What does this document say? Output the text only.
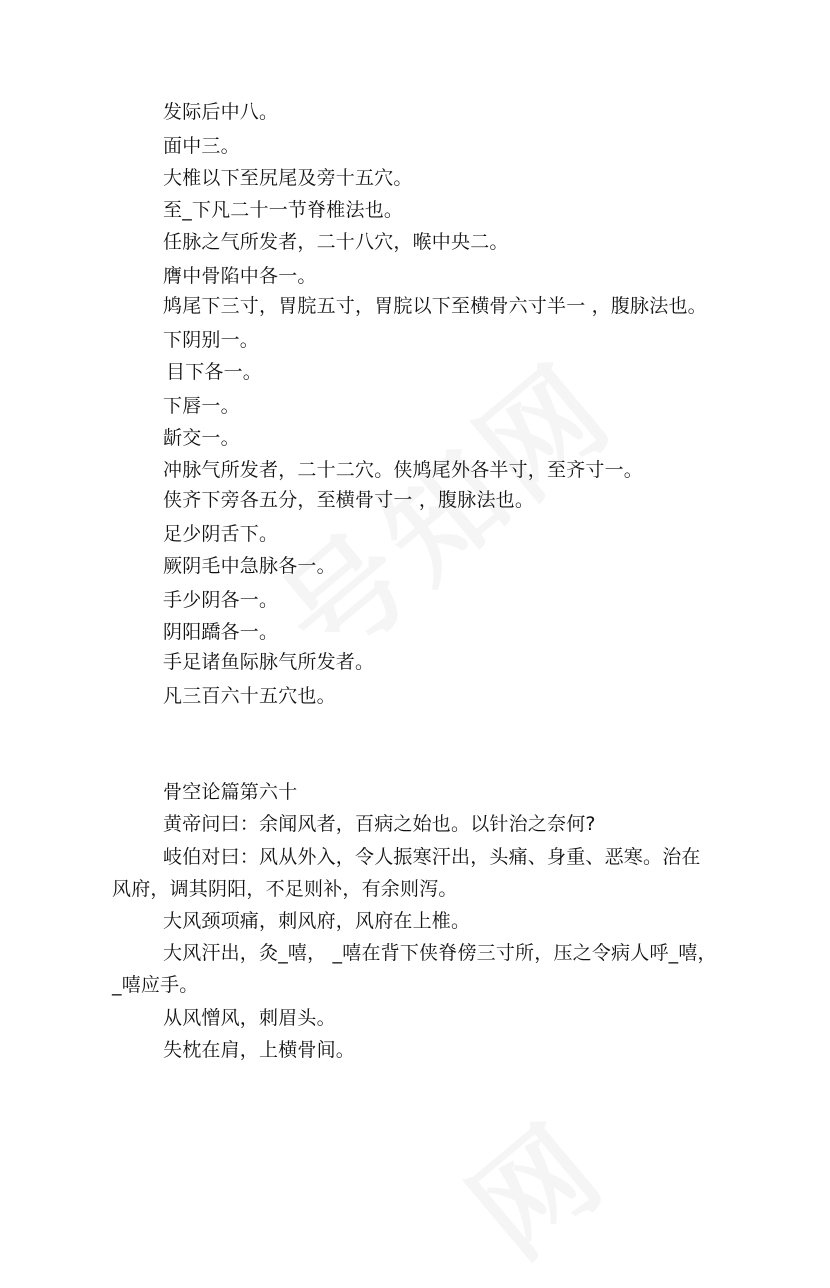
发际后中八。
面中三。
大椎以下至尻尾及旁十五穴。
至_下凡二十一节脊椎法也。
任脉之气所发者，二十八穴，喉中央二。
膺中骨陷中各一。
鸠尾下三寸，胃脘五寸，胃脘以下至横骨六寸半一 ，腹脉法也。
下阴别一。
目下各一。
下唇一。
龂交一。
冲脉气所发者，二十二穴。侠鸠尾外各半寸，至齐寸一。
侠齐下旁各五分，至横骨寸一 ，腹脉法也。
足少阴舌下。
厥阴毛中急脉各一。
手少阴各一。
阴阳蹻各一。
手足诸鱼际脉气所发者。
凡三百六十五穴也。
骨空论篇第六十
黄帝问曰：余闻风者，百病之始也。以针治之奈何?
岐伯对曰：风从外入，令人振寒汗出，头痛、身重、恶寒。治在
风府，调其阴阳，不足则补，有余则泻。
大风颈项痛，刺风府，风府在上椎。
大风汗出，灸_嘻， _嘻在背下侠脊傍三寸所，压之令病人呼_嘻，
_嘻应手。
从风憎风，刺眉头。
失枕在肩，上横骨间。
